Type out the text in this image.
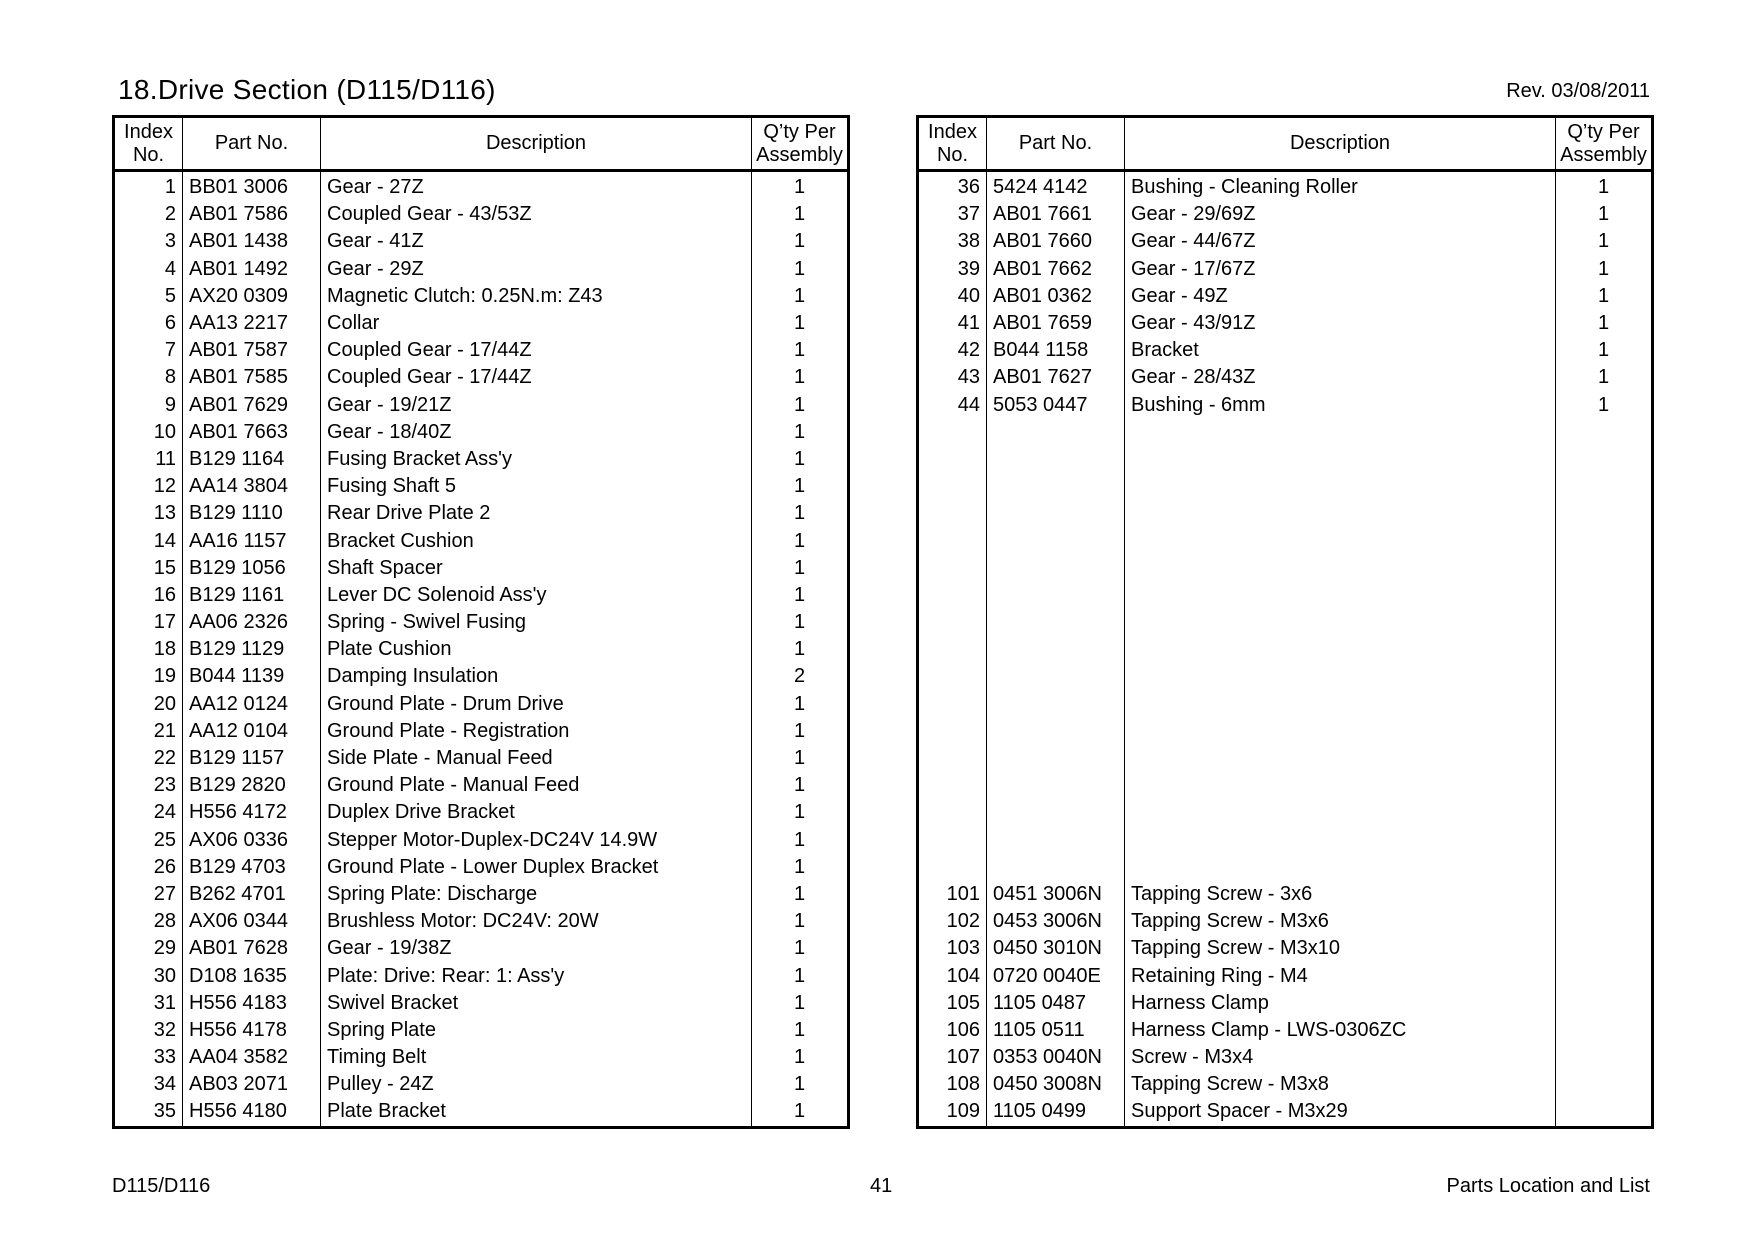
18.Drive Section (D115/D116)	Rev. 03/08/2011
Index
No.	Part No.	Description	Q’ty Per
Assembly
1	BB01 3006	Gear - 27Z	1
2	AB01 7586	Coupled Gear - 43/53Z	1
3	AB01 1438	Gear - 41Z	1
4	AB01 1492	Gear - 29Z	1
5	AX20 0309	Magnetic Clutch: 0.25N.m: Z43	1
6	AA13 2217	Collar	1
7	AB01 7587	Coupled Gear - 17/44Z	1
8	AB01 7585	Coupled Gear - 17/44Z	1
9	AB01 7629	Gear - 19/21Z	1
10	AB01 7663	Gear - 18/40Z	1
11	B129 1164	Fusing Bracket Ass'y	1
12	AA14 3804	Fusing Shaft 5	1
13	B129 1110	Rear Drive Plate 2	1
14	AA16 1157	Bracket Cushion	1
15	B129 1056	Shaft Spacer	1
16	B129 1161	Lever DC Solenoid Ass'y	1
17	AA06 2326	Spring - Swivel Fusing	1
18	B129 1129	Plate Cushion	1
19	B044 1139	Damping Insulation	2
20	AA12 0124	Ground Plate - Drum Drive	1
21	AA12 0104	Ground Plate - Registration	1
22	B129 1157	Side Plate - Manual Feed	1
23	B129 2820	Ground Plate - Manual Feed	1
24	H556 4172	Duplex Drive Bracket	1
25	AX06 0336	Stepper Motor-Duplex-DC24V 14.9W	1
26	B129 4703	Ground Plate - Lower Duplex Bracket	1
27	B262 4701	Spring Plate: Discharge	1
28	AX06 0344	Brushless Motor: DC24V: 20W	1
29	AB01 7628	Gear - 19/38Z	1
30	D108 1635	Plate: Drive: Rear: 1: Ass'y	1
31	H556 4183	Swivel Bracket	1
32	H556 4178	Spring Plate	1
33	AA04 3582	Timing Belt	1
34	AB03 2071	Pulley - 24Z	1
35	H556 4180	Plate Bracket	1
Index
No.	Part No.	Description	Q’ty Per
Assembly
36	5424 4142	Bushing - Cleaning Roller	1
37	AB01 7661	Gear - 29/69Z	1
38	AB01 7660	Gear - 44/67Z	1
39	AB01 7662	Gear - 17/67Z	1
40	AB01 0362	Gear - 49Z	1
41	AB01 7659	Gear - 43/91Z	1
42	B044 1158	Bracket	1
43	AB01 7627	Gear - 28/43Z	1
44	5053 0447	Bushing - 6mm	1

101	0451 3006N	Tapping Screw - 3x6	
102	0453 3006N	Tapping Screw - M3x6	
103	0450 3010N	Tapping Screw - M3x10	
104	0720 0040E	Retaining Ring - M4	
105	1105 0487	Harness Clamp	
106	1105 0511	Harness Clamp - LWS-0306ZC	
107	0353 0040N	Screw - M3x4	
108	0450 3008N	Tapping Screw - M3x8	
109	1105 0499	Support Spacer - M3x29	
D115/D116	41	Parts Location and List
